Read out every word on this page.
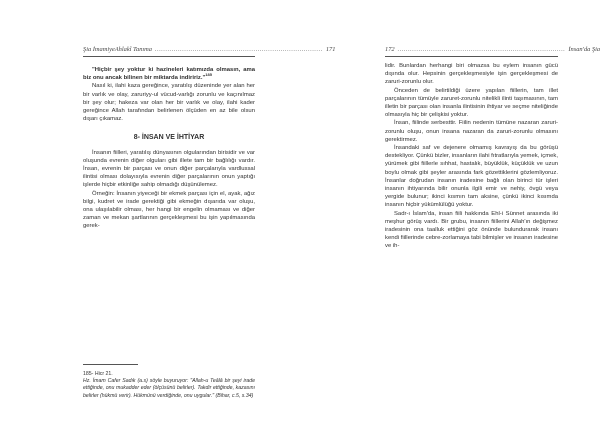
Şia İmamiyeAhlakî Tanıma ................................................................................ 171

"Hiçbir şey yoktur ki hazineleri katımızda olmasın, ama biz onu ancak bilinen bir miktarda indiririz."$^{185}$

Nasıl ki, ilahi kaza gereğince, yaratılış düzeninde yer alan her bir varlık ve olay, zaruriyy-ul vücud-varlığı zorunlu ve kaçınılmaz bir şey olur; hakeza var olan her bir varlık ve olay, ilahi kader gereğince Allah tarafından belirlenen ölçüden en az bile olsun dışarı çıkamaz.

8- İNSAN VE İHTİYAR

İnsanın fiilleri, yaratılış dünyasının olgularından birisidir ve var oluşunda evrenin diğer olguları gibi illete tam bir bağlılığı vardır. İnsan, evrenin bir parçası ve onun diğer parçalarıyla vardlussal ilintisi olması dolayısıyla evrenin diğer parçalarının onun yaptığı işlerde hiçbir etkinliğe sahip olmadığı düşünülemez.

Örneğin: İnsanın yiyeceği bir ekmek parçası için el, ayak, ağız bilgi, kudret ve irade gerektiği gibi ekmeğin dışarıda var oluşu, ona ulaşılabilir olması, her hangi bir engelin olmaması ve diğer zaman ve mekan şartlarının gerçekleşmesi bu işin yapılmasında gerek-

185- Hicr 21.
Hz. İmam Cafer Sadık (a.s) söyle buyuruyor: "Allah-u Teâlâ bir şeyi irade ettiğinde, onu mukadder eder (ölçüsünü belirler). Takdir ettiğinde, kazasını belirler (hükmü verir). Hükmünü verdiğinde, onu uygular." (Bihar, c.5, s.34)
172 ................................................................................ İnsan'da Şia

lidir. Bunlardan herhangi biri olmazsa bu eylem insanın gücü dışında olur. Hepsinin gerçekleşmesiyle işin gerçekleşmesi de zaruri-zorunlu olur.

Önceden de belirtildiği üzere yapılan fiillerin, tam illet parçalarının tümüyle zaruret-zorunlu nitelikli ilinti taşımasının, tam illetin bir parçası olan insanla ilintisinin ihtiyar ve seçme niteliğinde olmasıyla hiç bir çelişkisi yoktur.

İnsan, fiilinde serbesttir. Fiilin nedenin tümüne nazaran zaruri-zorunlu oluşu, onun insana nazaran da zaruri-zorunlu olmasını gerektirmez.

İnsandaki saf ve dejenere olmamış kavrayış da bu görüşü destekliyor. Çünkü bizler, insanların ilahi fıtratlarıyla yemek, içmek, yürümek gibi fiillerle sıhhat, hastalık, büyüklük, küçüklük ve uzun boylu olmak gibi şeyler arasında fark gözettiklerini gözlemliyoruz. İnsanlar doğrudan insanın iradesine bağlı olan birinci tür işleri insanın ihtiyarında bilir onunla ilgili emir ve nehiy, övgü veya yergide bulunur; ikinci kısmın tam aksine, çünkü ikinci kısımda insanın hiçbir yükümlülüğü yoktur.

Sadr-ı İslam'da, insan fiili hakkında Ehl-i Sünnet arasında iki meşhur görüş vardı. Bir grubu, insanın fiillerini Allah'ın değişmez iradesinin ona taalluk ettiğini göz önünde bulundurarak insanı kendi fiillerinde cebre-zorlamaya tabi bilmişler ve insanın iradesine ve ih-
